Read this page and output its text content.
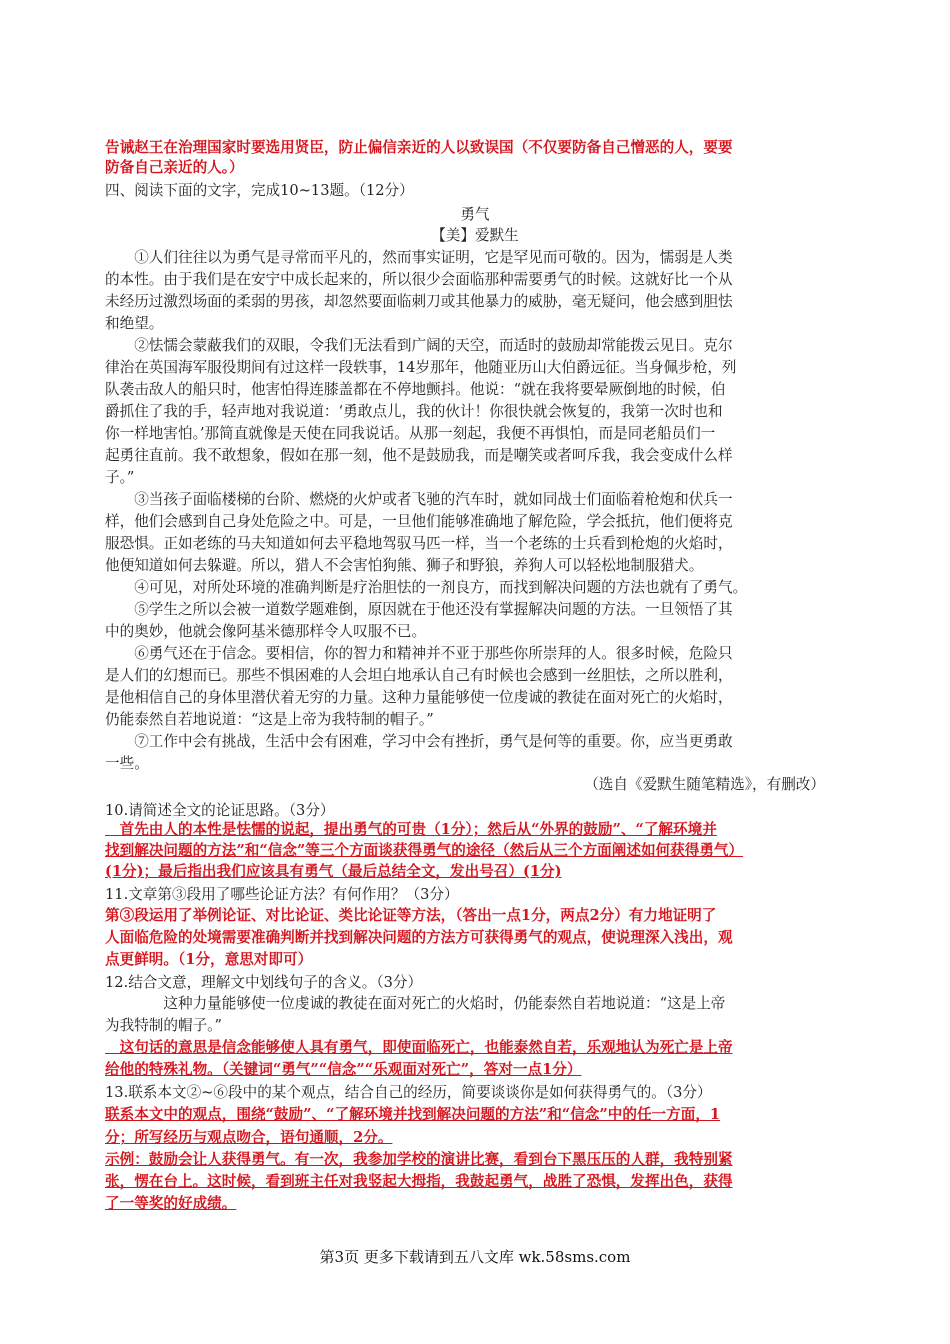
告诫赵王在治理国家时要选用贤臣，防止偏信亲近的人以致误国（不仅要防备自己憎恶的人，要要
防备自己亲近的人。）
四、阅读下面的文字，完成10~13题。（12分）
勇气
【美】爱默生
　　①人们往往以为勇气是寻常而平凡的，然而事实证明，它是罕见而可敬的。因为，懦弱是人类
的本性。由于我们是在安宁中成长起来的，所以很少会面临那种需要勇气的时候。这就好比一个从
未经历过激烈场面的柔弱的男孩，却忽然要面临刺刀或其他暴力的威胁，毫无疑问，他会感到胆怯
和绝望。
　　②怯懦会蒙蔽我们的双眼，令我们无法看到广阔的天空，而适时的鼓励却常能拨云见日。克尔
律治在英国海军服役期间有过这样一段轶事，14岁那年，他随亚历山大伯爵远征。当身佩步枪，列
队袭击敌人的船只时，他害怕得连膝盖都在不停地颤抖。他说：“就在我将要晕厥倒地的时候，伯
爵抓住了我的手，轻声地对我说道：‘勇敢点儿，我的伙计！你很快就会恢复的，我第一次时也和
你一样地害怕。’那简直就像是天使在同我说话。从那一刻起，我便不再惧怕，而是同老船员们一
起勇往直前。我不敢想象，假如在那一刻，他不是鼓励我，而是嘲笑或者呵斥我，我会变成什么样
子。”
　　③当孩子面临楼梯的台阶、燃烧的火炉或者飞驰的汽车时，就如同战士们面临着枪炮和伏兵一
样，他们会感到自己身处危险之中。可是，一旦他们能够准确地了解危险，学会抵抗，他们便将克
服恐惧。正如老练的马夫知道如何去平稳地驾驭马匹一样，当一个老练的士兵看到枪炮的火焰时，
他便知道如何去躲避。所以，猎人不会害怕狗熊、狮子和野狼，养狗人可以轻松地制服猎犬。
　　④可见，对所处环境的准确判断是疗治胆怯的一剂良方，而找到解决问题的方法也就有了勇气。
　　⑤学生之所以会被一道数学题难倒，原因就在于他还没有掌握解决问题的方法。一旦领悟了其
中的奥妙，他就会像阿基米德那样令人叹服不已。
　　⑥勇气还在于信念。要相信，你的智力和精神并不亚于那些你所崇拜的人。很多时候，危险只
是人们的幻想而已。那些不惧困难的人会坦白地承认自己有时候也会感到一丝胆怯，之所以胜利，
是他相信自己的身体里潜伏着无穷的力量。这种力量能够使一位虔诚的教徒在面对死亡的火焰时，
仍能泰然自若地说道：“这是上帝为我特制的帽子。”
　　⑦工作中会有挑战，生活中会有困难，学习中会有挫折，勇气是何等的重要。你，应当更勇敢
一些。
（选自《爱默生随笔精选》，有删改）
10.请简述全文的论证思路。（3分）
　首先由人的本性是怯懦的说起，提出勇气的可贵（1分）；然后从“外界的鼓励”、“了解环境并
找到解决问题的方法”和“信念”等三个方面谈获得勇气的途径（然后从三个方面阐述如何获得勇气）
(1分)；最后指出我们应该具有勇气（最后总结全文，发出号召）(1分)
11.文章第③段用了哪些论证方法？有何作用？（3分）
第③段运用了举例论证、对比论证、类比论证等方法，（答出一点1分，两点2分）有力地证明了
人面临危险的处境需要准确判断并找到解决问题的方法方可获得勇气的观点，使说理深入浅出，观
点更鲜明。（1分，意思对即可）
12.结合文意，理解文中划线句子的含义。（3分）
　　　　这种力量能够使一位虔诚的教徒在面对死亡的火焰时，仍能泰然自若地说道：“这是上帝
为我特制的帽子。”
　这句话的意思是信念能够使人具有勇气，即使面临死亡，也能泰然自若，乐观地认为死亡是上帝
给他的特殊礼物。（关键词“勇气”“信念”“乐观面对死亡”，答对一点1分）
13.联系本文②~⑥段中的某个观点，结合自己的经历，简要谈谈你是如何获得勇气的。（3分）
联系本文中的观点，围绕“鼓励”、“了解环境并找到解决问题的方法”和“信念”中的任一方面，1
分；所写经历与观点吻合，语句通顺，2分。
示例：鼓励会让人获得勇气。有一次，我参加学校的演讲比赛，看到台下黑压压的人群，我特别紧
张，愣在台上。这时候，看到班主任对我竖起大拇指，我鼓起勇气，战胜了恐惧，发挥出色，获得
了一等奖的好成绩。
第3页 更多下载请到五八文库 wk.58sms.com
